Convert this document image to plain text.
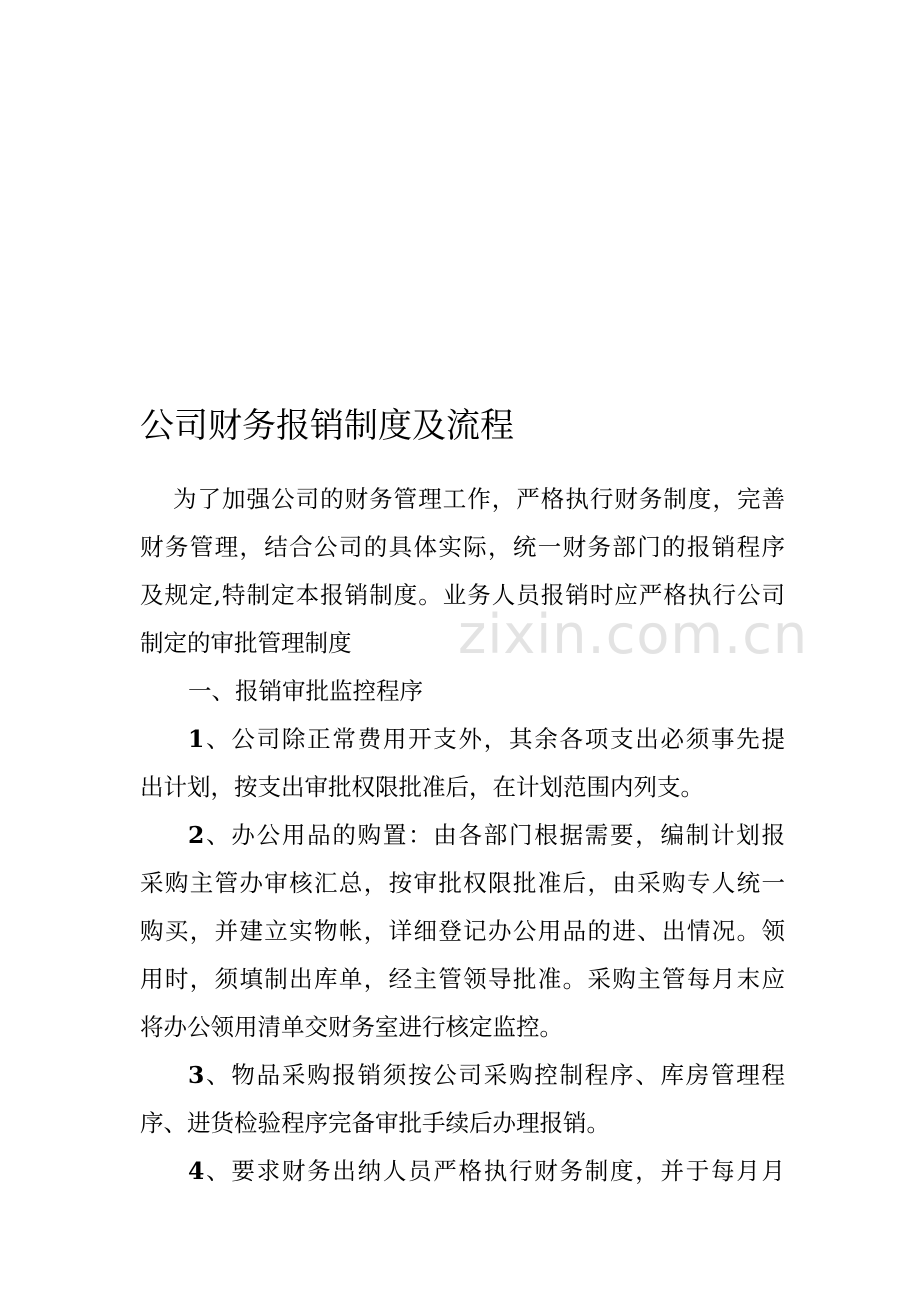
公司财务报销制度及流程
为了加强公司的财务管理工作，严格执行财务制度，完善
财务管理，结合公司的具体实际，统一财务部门的报销程序
及规定,特制定本报销制度。业务人员报销时应严格执行公司
制定的审批管理制度
一、报销审批监控程序
1、公司除正常费用开支外，其余各项支出必须事先提
出计划，按支出审批权限批准后，在计划范围内列支。
2、办公用品的购置：由各部门根据需要，编制计划报
采购主管办审核汇总，按审批权限批准后，由采购专人统一
购买，并建立实物帐，详细登记办公用品的进、出情况。领
用时，须填制出库单，经主管领导批准。采购主管每月末应
将办公领用清单交财务室进行核定监控。
3、物品采购报销须按公司采购控制程序、库房管理程
序、进货检验程序完备审批手续后办理报销。
4、要求财务出纳人员严格执行财务制度，并于每月月
zixin.com.cn
